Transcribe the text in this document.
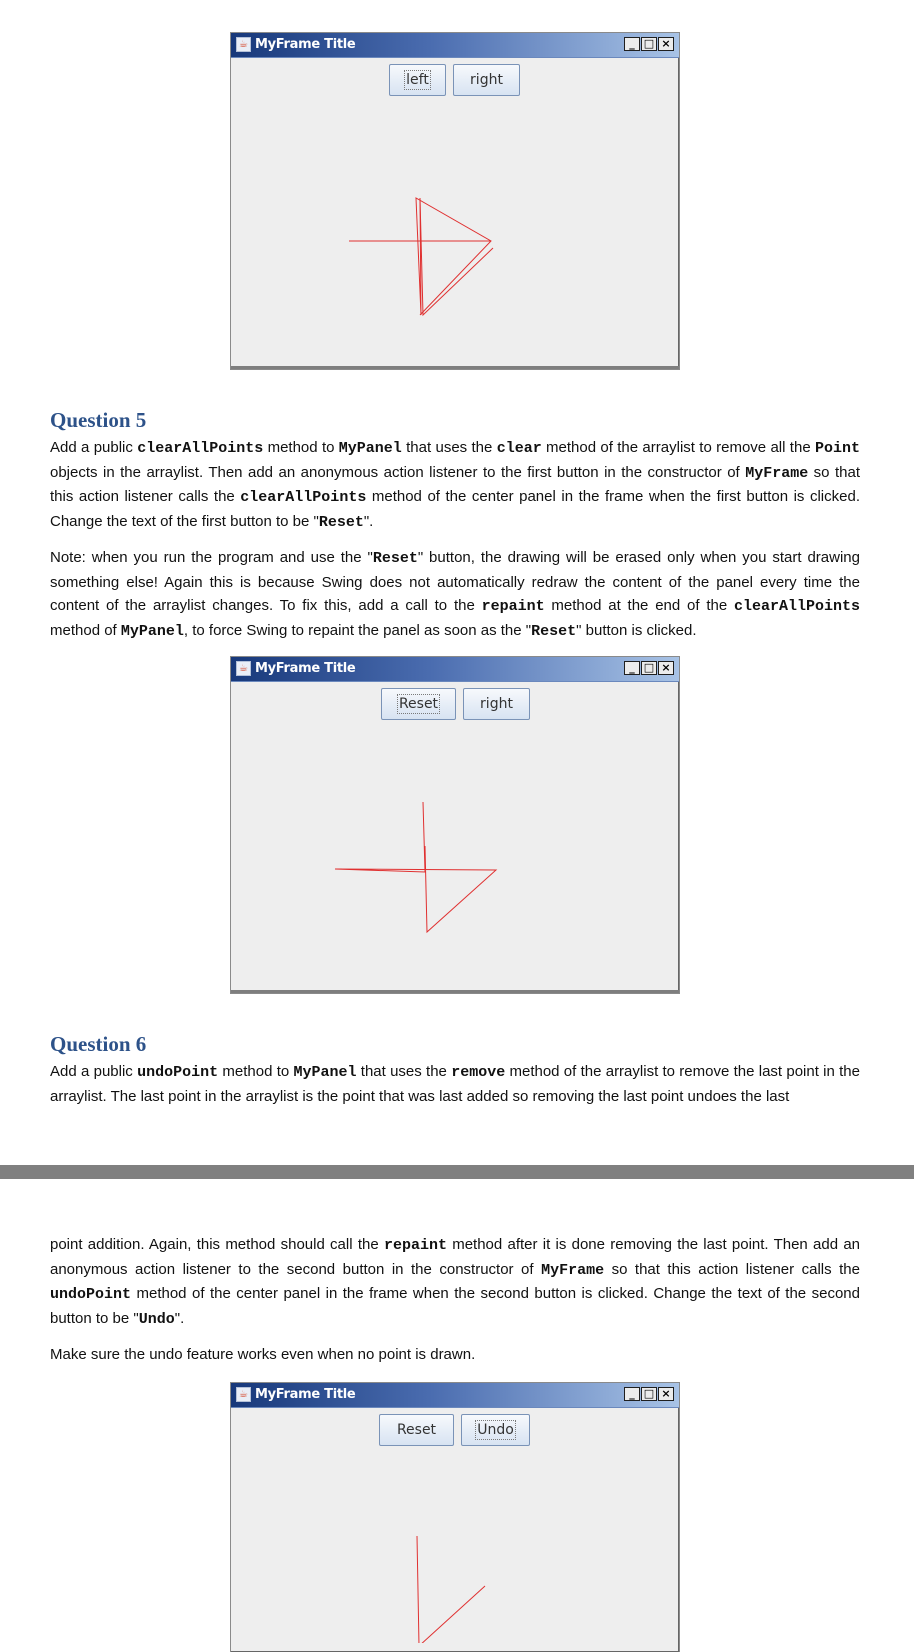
☕ MyFrame Title	_ □ ×
left	right
Question 5
Add a public clearAllPoints method to MyPanel that uses the clear method of the arraylist to remove all the Point objects in the arraylist. Then add an anonymous action listener to the first button in the constructor of MyFrame so that this action listener calls the clearAllPoints method of the center panel in the frame when the first button is clicked. Change the text of the first button to be "Reset".
Note: when you run the program and use the "Reset" button, the drawing will be erased only when you start drawing something else! Again this is because Swing does not automatically redraw the content of the panel every time the content of the arraylist changes. To fix this, add a call to the repaint method at the end of the clearAllPoints method of MyPanel, to force Swing to repaint the panel as soon as the "Reset" button is clicked.
☕ MyFrame Title	_ □ ×
Reset	right
Question 6
Add a public undoPoint method to MyPanel that uses the remove method of the arraylist to remove the last point in the arraylist. The last point in the arraylist is the point that was last added so removing the last point undoes the last
point addition. Again, this method should call the repaint method after it is done removing the last point. Then add an anonymous action listener to the second button in the constructor of MyFrame so that this action listener calls the undoPoint method of the center panel in the frame when the second button is clicked. Change the text of the second button to be "Undo".
Make sure the undo feature works even when no point is drawn.
☕ MyFrame Title	_ □ ×
Reset	Undo
